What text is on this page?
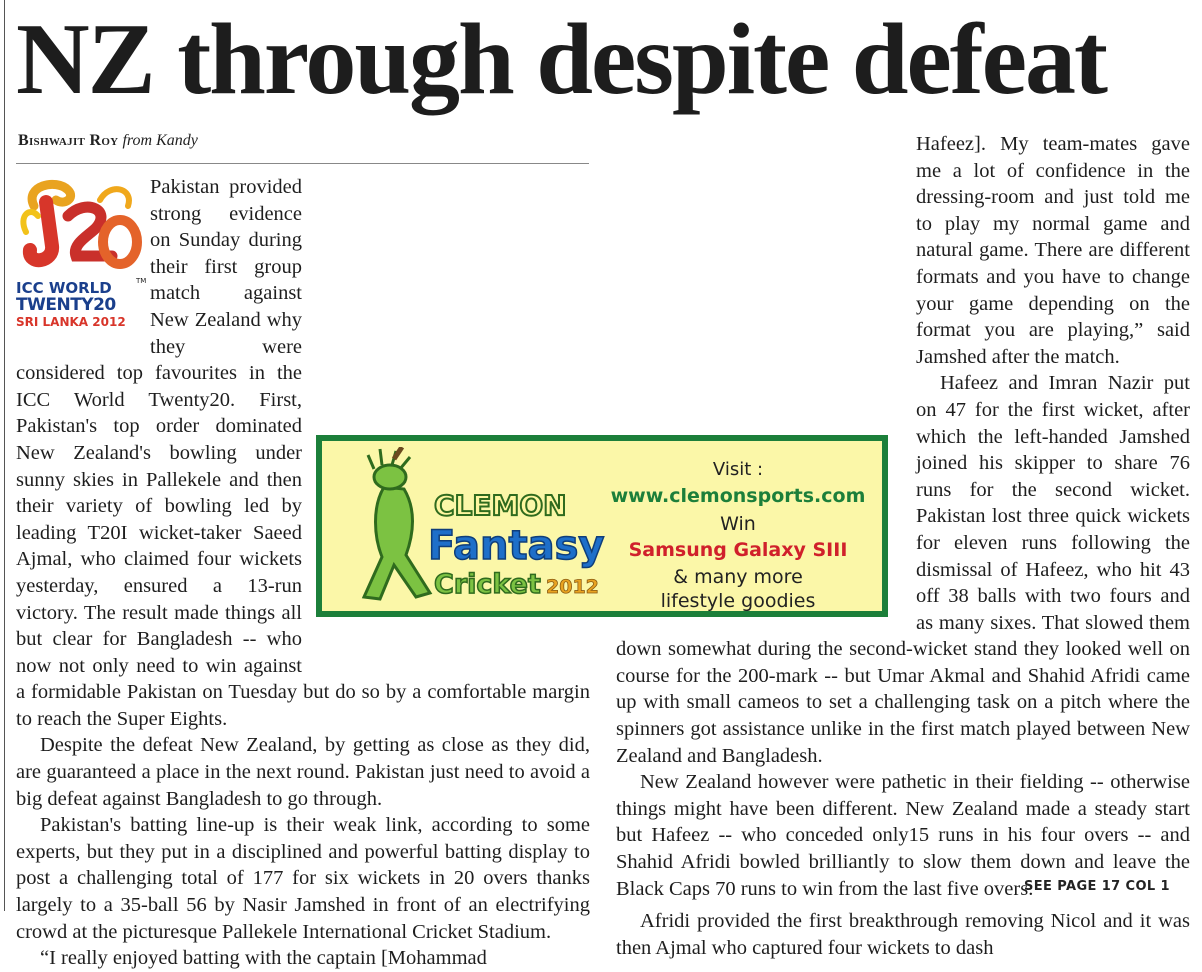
NZ through despite defeat
Bishwajit Roy from Kandy
TM
ICC WORLD
TWENTY20
SRI LANKA 2012

Pakistan provided strong evidence on Sunday during their first group match against New Zealand why they were considered top favourites in the ICC World Twenty20. First, Pakistan's top order dominated New Zealand's bowling under sunny skies in Pallekele and then their variety of bowling led by leading T20I wicket-taker Saeed Ajmal, who claimed four wickets yesterday, ensured a 13-run victory. The result made things all but clear for Bangladesh -- who now not only need to win against a formidable Pakistan on Tuesday but do so by a comfortable margin to reach the Super Eights.

Despite the defeat New Zealand, by getting as close as they did, are guaranteed a place in the next round. Pakistan just need to avoid a big defeat against Bangladesh to go through.

Pakistan's batting line-up is their weak link, according to some experts, but they put in a disciplined and powerful batting display to post a challenging total of 177 for six wickets in 20 overs thanks largely to a 35-ball 56 by Nasir Jamshed in front of an electrifying crowd at the picturesque Pallekele International Cricket Stadium.

“I really enjoyed batting with the captain [Mohammad

Hafeez]. My team-mates gave me a lot of confidence in the dressing-room and just told me to play my normal game and natural game. There are different formats and you have to change your game depending on the format you are playing,” said Jamshed after the match.

Hafeez and Imran Nazir put on 47 for the first wicket, after which the left-handed Jamshed joined his skipper to share 76 runs for the second wicket. Pakistan lost three quick wickets for eleven runs following the dismissal of Hafeez, who hit 43 off 38 balls with two fours and as many sixes. That slowed them down somewhat during the second-wicket stand they looked well on course for the 200-mark -- but Umar Akmal and Shahid Afridi came up with small cameos to set a challenging task on a pitch where the spinners got assistance unlike in the first match played between New Zealand and Bangladesh.

New Zealand however were pathetic in their fielding -- otherwise things might have been different. New Zealand made a steady start but Hafeez -- who conceded only15 runs in his four overs -- and Shahid Afridi bowled brilliantly to slow them down and leave the Black Caps 70 runs to win from the last five overs.

Afridi provided the first breakthrough removing Nicol and it was then Ajmal who captured four wickets to dash

CLEMON
Fantasy
Cricket 2012
Visit :
www.clemonsports.com
Win
Samsung Galaxy SIII
& many more
lifestyle goodies
SEE PAGE 17 COL 1
